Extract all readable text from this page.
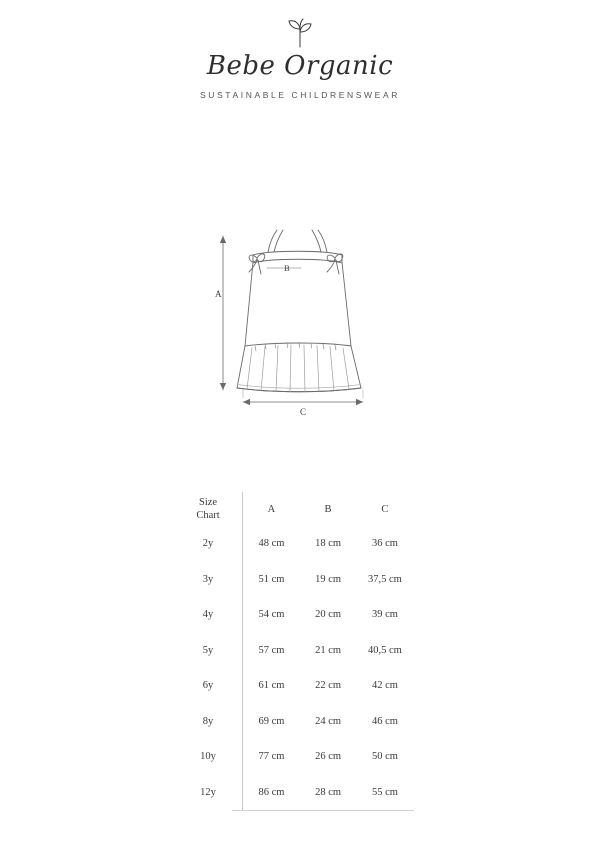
Bebe Organic
SUSTAINABLE CHILDRENSWEAR
A
B
C
Size
Chart	A	B	C
2y	48 cm	18 cm	36 cm
3y	51 cm	19 cm	37,5 cm
4y	54 cm	20 cm	39 cm
5y	57 cm	21 cm	40,5 cm
6y	61 cm	22 cm	42 cm
8y	69 cm	24 cm	46 cm
10y	77 cm	26 cm	50 cm
12y	86 cm	28 cm	55 cm
